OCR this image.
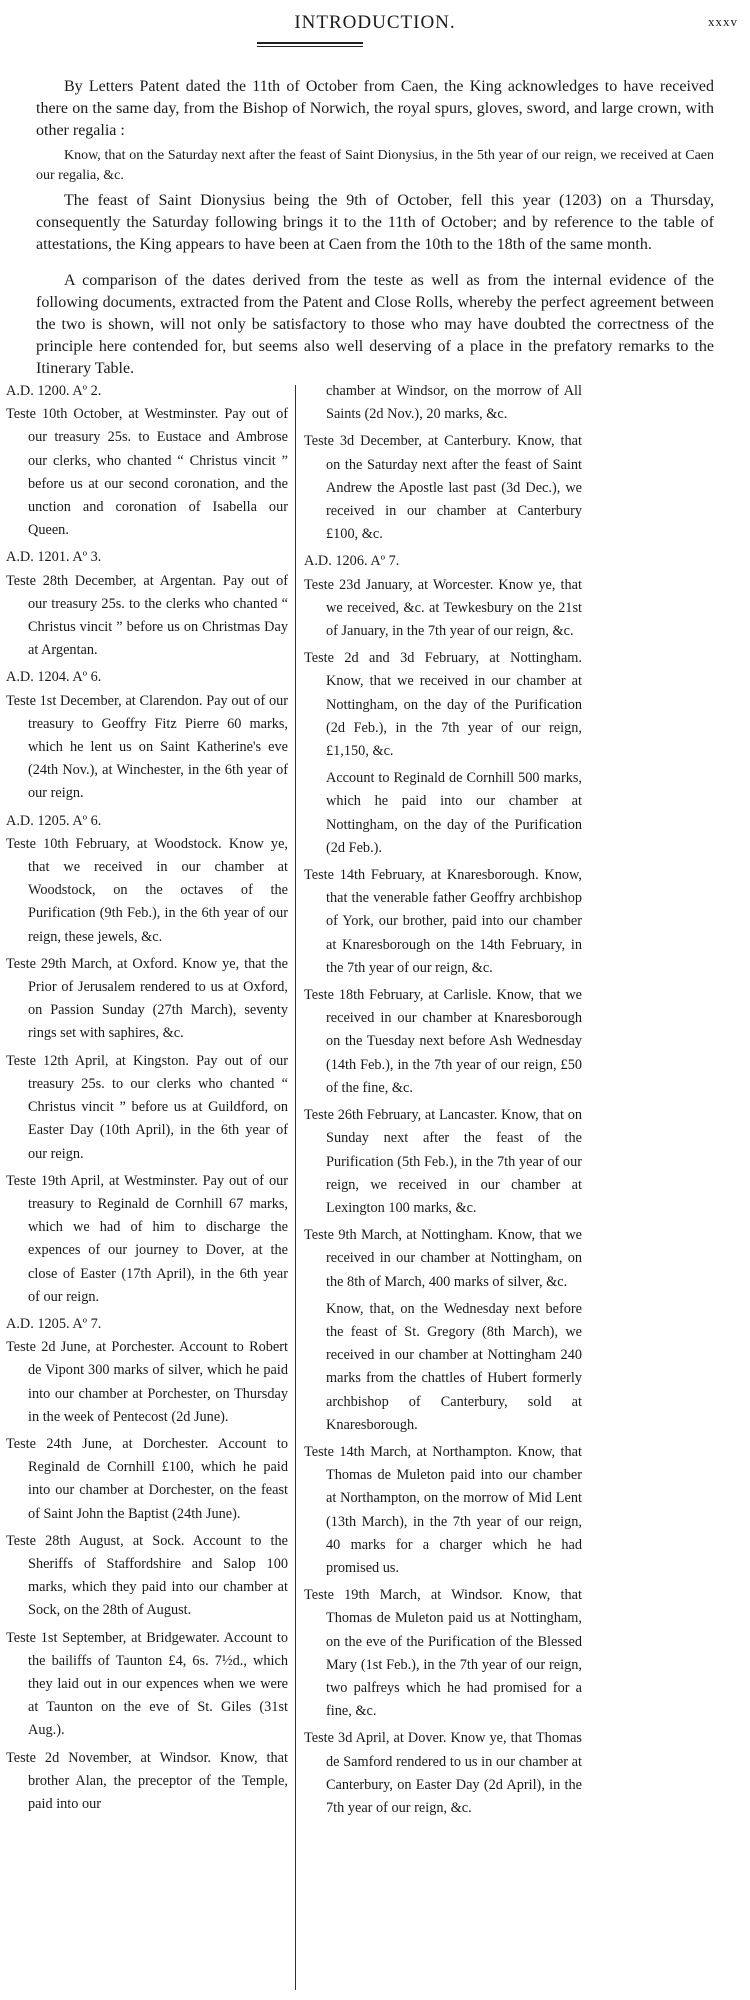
INTRODUCTION.	xxxv

By Letters Patent dated the 11th of October from Caen, the King acknowledges to have received there on the same day, from the Bishop of Norwich, the royal spurs, gloves, sword, and large crown, with other regalia :

Know, that on the Saturday next after the feast of Saint Dionysius, in the 5th year of our reign, we received at Caen our regalia, &c.

The feast of Saint Dionysius being the 9th of October, fell this year (1203) on a Thursday, consequently the Saturday following brings it to the 11th of October; and by reference to the table of attestations, the King appears to have been at Caen from the 10th to the 18th of the same month.

A comparison of the dates derived from the teste as well as from the internal evidence of the following documents, extracted from the Patent and Close Rolls, whereby the perfect agreement between the two is shown, will not only be satisfactory to those who may have doubted the correctness of the principle here contended for, but seems also well deserving of a place in the prefatory remarks to the Itinerary Table.

A.D. 1200. Aº 2.
Teste 10th October, at Westminster. Pay out of our treasury 25s. to Eustace and Ambrose our clerks, who chanted “ Christus vincit ” before us at our second coronation, and the unction and coronation of Isabella our Queen.
A.D. 1201. Aº 3.
Teste 28th December, at Argentan. Pay out of our treasury 25s. to the clerks who chanted “ Christus vincit ” before us on Christmas Day at Argentan.
A.D. 1204. Aº 6.
Teste 1st December, at Clarendon. Pay out of our treasury to Geoffry Fitz Pierre 60 marks, which he lent us on Saint Katherine's eve (24th Nov.), at Winchester, in the 6th year of our reign.
A.D. 1205. Aº 6.
Teste 10th February, at Woodstock. Know ye, that we received in our chamber at Woodstock, on the octaves of the Purification (9th Feb.), in the 6th year of our reign, these jewels, &c.
Teste 29th March, at Oxford. Know ye, that the Prior of Jerusalem rendered to us at Oxford, on Passion Sunday (27th March), seventy rings set with saphires, &c.
Teste 12th April, at Kingston. Pay out of our treasury 25s. to our clerks who chanted “ Christus vincit ” before us at Guildford, on Easter Day (10th April), in the 6th year of our reign.
Teste 19th April, at Westminster. Pay out of our treasury to Reginald de Cornhill 67 marks, which we had of him to discharge the expences of our journey to Dover, at the close of Easter (17th April), in the 6th year of our reign.
A.D. 1205. Aº 7.
Teste 2d June, at Porchester. Account to Robert de Vipont 300 marks of silver, which he paid into our chamber at Porchester, on Thursday in the week of Pentecost (2d June).
Teste 24th June, at Dorchester. Account to Reginald de Cornhill £100, which he paid into our chamber at Dorchester, on the feast of Saint John the Baptist (24th June).
Teste 28th August, at Sock. Account to the Sheriffs of Staffordshire and Salop 100 marks, which they paid into our chamber at Sock, on the 28th of August.
Teste 1st September, at Bridgewater. Account to the bailiffs of Taunton £4, 6s. 7½d., which they laid out in our expences when we were at Taunton on the eve of St. Giles (31st Aug.).
Teste 2d November, at Windsor. Know, that brother Alan, the preceptor of the Temple, paid into our
chamber at Windsor, on the morrow of All Saints (2d Nov.), 20 marks, &c.
Teste 3d December, at Canterbury. Know, that on the Saturday next after the feast of Saint Andrew the Apostle last past (3d Dec.), we received in our chamber at Canterbury £100, &c.
A.D. 1206. Aº 7.
Teste 23d January, at Worcester. Know ye, that we received, &c. at Tewkesbury on the 21st of January, in the 7th year of our reign, &c.
Teste 2d and 3d February, at Nottingham. Know, that we received in our chamber at Nottingham, on the day of the Purification (2d Feb.), in the 7th year of our reign, £1,150, &c.
Account to Reginald de Cornhill 500 marks, which he paid into our chamber at Nottingham, on the day of the Purification (2d Feb.).
Teste 14th February, at Knaresborough. Know, that the venerable father Geoffry archbishop of York, our brother, paid into our chamber at Knaresborough on the 14th February, in the 7th year of our reign, &c.
Teste 18th February, at Carlisle. Know, that we received in our chamber at Knaresborough on the Tuesday next before Ash Wednesday (14th Feb.), in the 7th year of our reign, £50 of the fine, &c.
Teste 26th February, at Lancaster. Know, that on Sunday next after the feast of the Purification (5th Feb.), in the 7th year of our reign, we received in our chamber at Lexington 100 marks, &c.
Teste 9th March, at Nottingham. Know, that we received in our chamber at Nottingham, on the 8th of March, 400 marks of silver, &c.
Know, that, on the Wednesday next before the feast of St. Gregory (8th March), we received in our chamber at Nottingham 240 marks from the chattles of Hubert formerly archbishop of Canterbury, sold at Knaresborough.
Teste 14th March, at Northampton. Know, that Thomas de Muleton paid into our chamber at Northampton, on the morrow of Mid Lent (13th March), in the 7th year of our reign, 40 marks for a charger which he had promised us.
Teste 19th March, at Windsor. Know, that Thomas de Muleton paid us at Nottingham, on the eve of the Purification of the Blessed Mary (1st Feb.), in the 7th year of our reign, two palfreys which he had promised for a fine, &c.
Teste 3d April, at Dover. Know ye, that Thomas de Samford rendered to us in our chamber at Canterbury, on Easter Day (2d April), in the 7th year of our reign, &c.
